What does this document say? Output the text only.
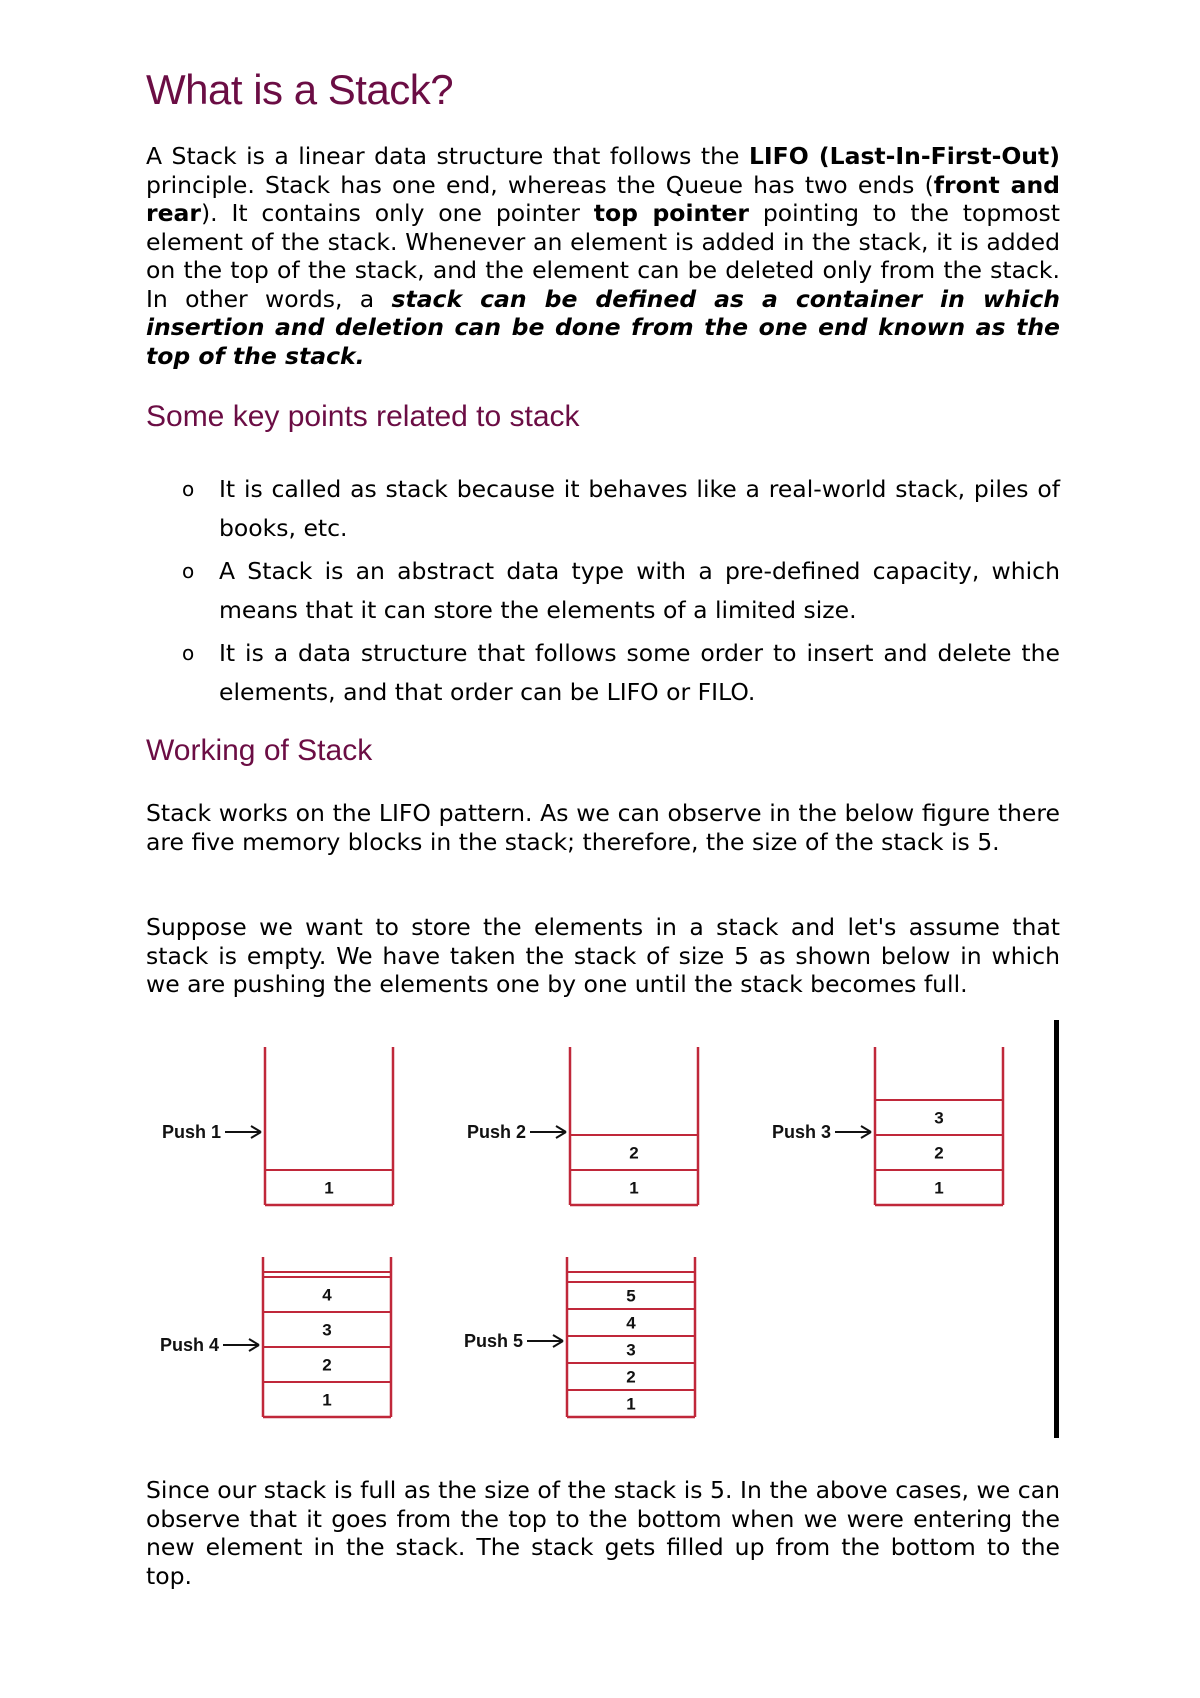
What is a Stack?

A Stack is a linear data structure that follows the LIFO (Last-In-First-Out) principle. Stack has one end, whereas the Queue has two ends (front and rear). It contains only one pointer top pointer pointing to the topmost element of the stack. Whenever an element is added in the stack, it is added on the top of the stack, and the element can be deleted only from the stack. In other words, a stack can be defined as a container in which insertion and deletion can be done from the one end known as the top of the stack.

Some key points related to stack
o It is called as stack because it behaves like a real-world stack, piles of books, etc.
o A Stack is an abstract data type with a pre-defined capacity, which means that it can store the elements of a limited size.
o It is a data structure that follows some order to insert and delete the elements, and that order can be LIFO or FILO.
Working of Stack

Stack works on the LIFO pattern. As we can observe in the below figure there are five memory blocks in the stack; therefore, the size of the stack is 5.

Suppose we want to store the elements in a stack and let's assume that stack is empty. We have taken the stack of size 5 as shown below in which we are pushing the elements one by one until the stack becomes full.

Since our stack is full as the size of the stack is 5. In the above cases, we can observe that it goes from the top to the bottom when we were entering the new element in the stack. The stack gets filled up from the bottom to the top.

1
Push 1
1
2
Push 2
1
2
3
Push 3
1
2
3
4
Push 4
1
2
3
4
5
Push 5
